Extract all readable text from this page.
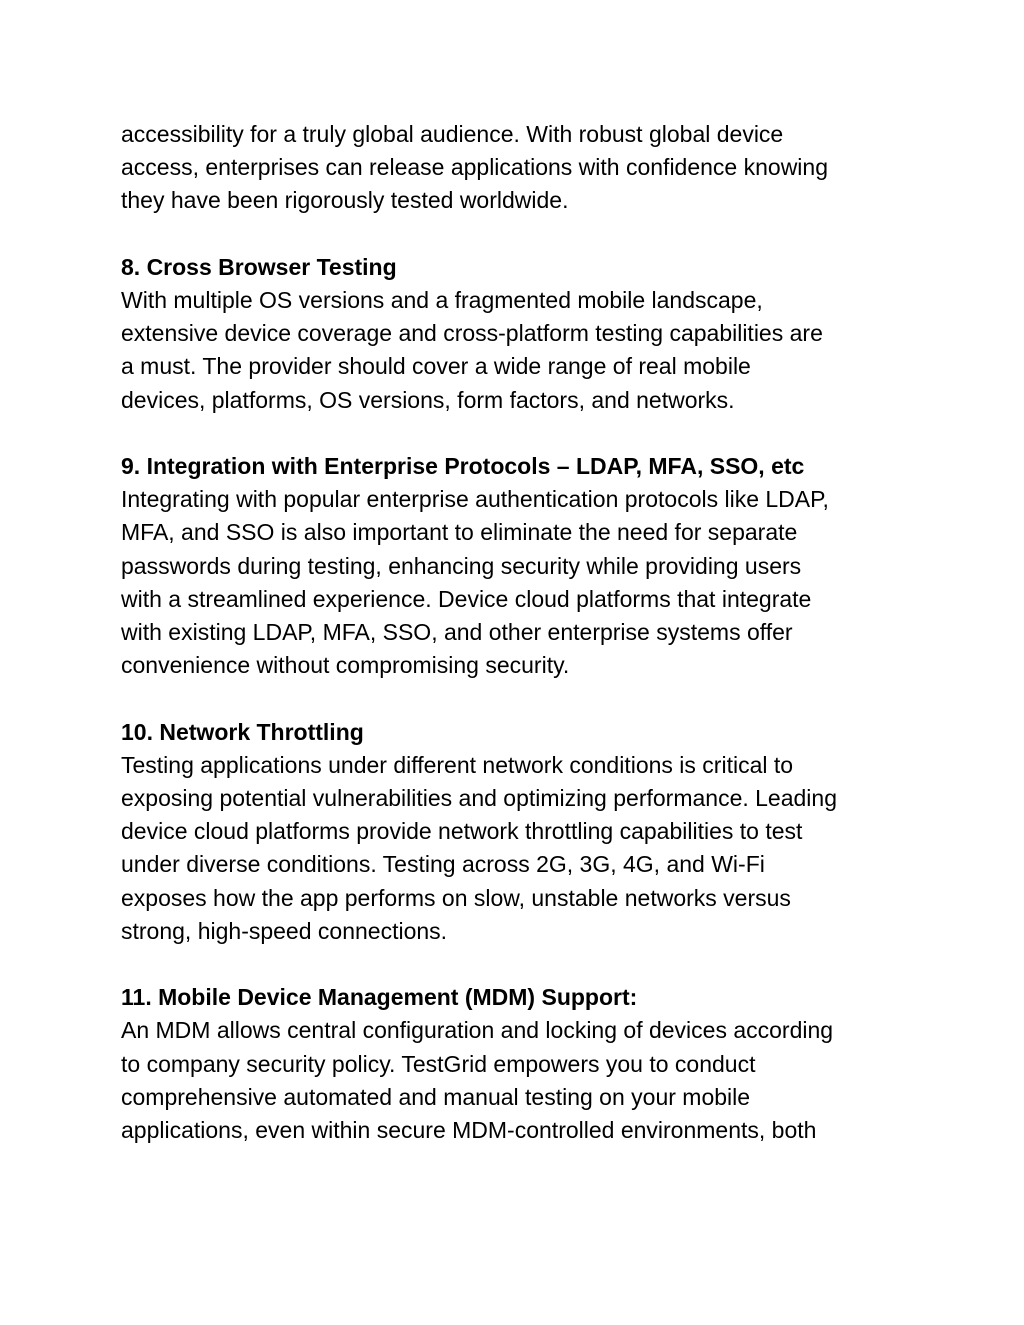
accessibility for a truly global audience. With robust global device
access, enterprises can release applications with confidence knowing
they have been rigorously tested worldwide.
8. Cross Browser Testing
With multiple OS versions and a fragmented mobile landscape,
extensive device coverage and cross-platform testing capabilities are
a must. The provider should cover a wide range of real mobile
devices, platforms, OS versions, form factors, and networks.
9. Integration with Enterprise Protocols – LDAP, MFA, SSO, etc
Integrating with popular enterprise authentication protocols like LDAP,
MFA, and SSO is also important to eliminate the need for separate
passwords during testing, enhancing security while providing users
with a streamlined experience. Device cloud platforms that integrate
with existing LDAP, MFA, SSO, and other enterprise systems offer
convenience without compromising security.
10. Network Throttling
Testing applications under different network conditions is critical to
exposing potential vulnerabilities and optimizing performance. Leading
device cloud platforms provide network throttling capabilities to test
under diverse conditions. Testing across 2G, 3G, 4G, and Wi-Fi
exposes how the app performs on slow, unstable networks versus
strong, high-speed connections.
11. Mobile Device Management (MDM) Support:
An MDM allows central configuration and locking of devices according
to company security policy. TestGrid empowers you to conduct
comprehensive automated and manual testing on your mobile
applications, even within secure MDM-controlled environments, both
